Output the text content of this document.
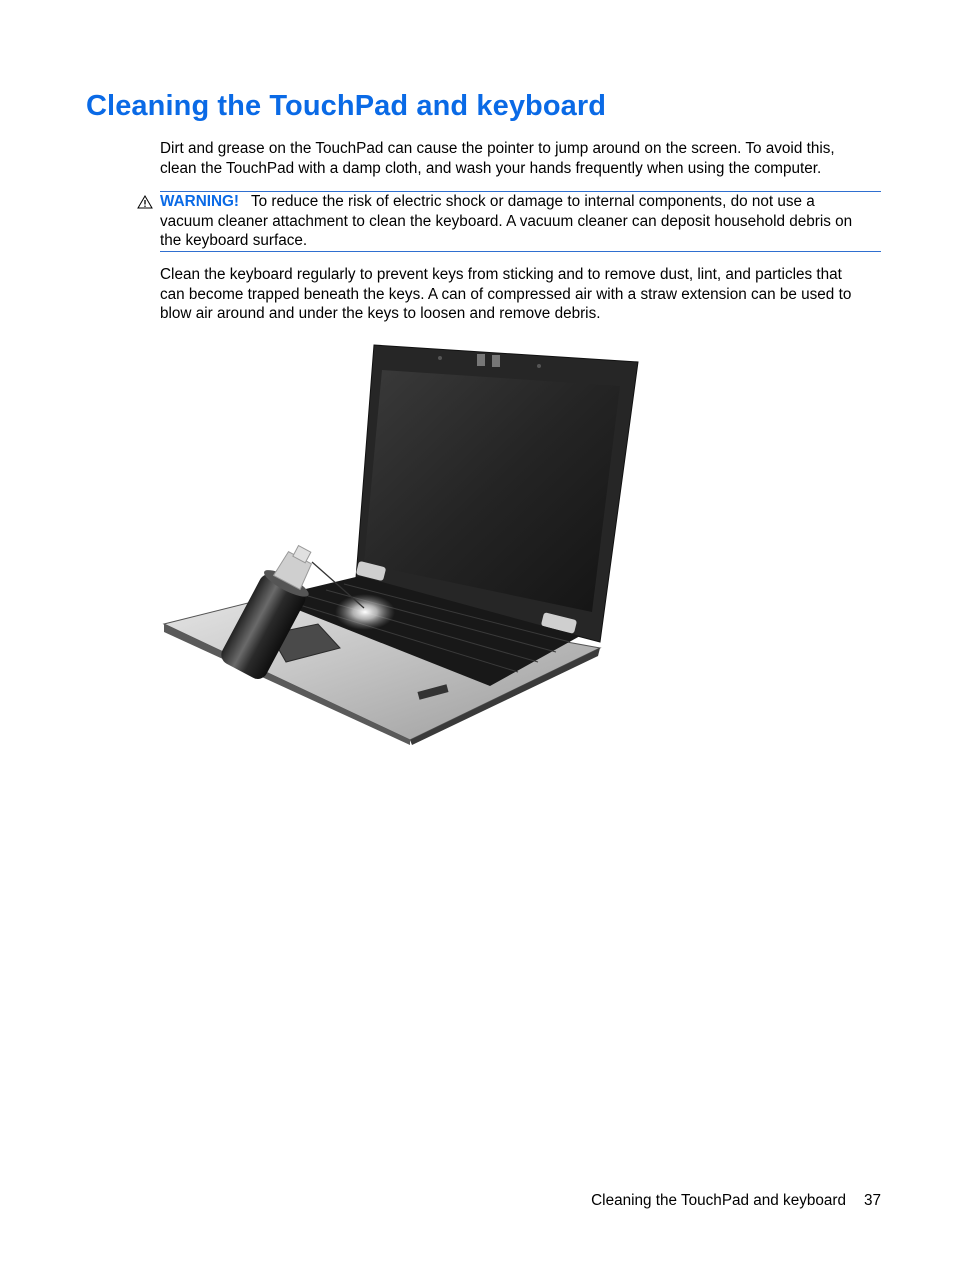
Cleaning the TouchPad and keyboard

Dirt and grease on the TouchPad can cause the pointer to jump around on the screen. To avoid this,
clean the TouchPad with a damp cloth, and wash your hands frequently when using the computer.

WARNING! To reduce the risk of electric shock or damage to internal components, do not use a
vacuum cleaner attachment to clean the keyboard. A vacuum cleaner can deposit household debris on
the keyboard surface.

Clean the keyboard regularly to prevent keys from sticking and to remove dust, lint, and particles that
can become trapped beneath the keys. A can of compressed air with a straw extension can be used to
blow air around and under the keys to loosen and remove debris.

Cleaning the TouchPad and keyboard 37
